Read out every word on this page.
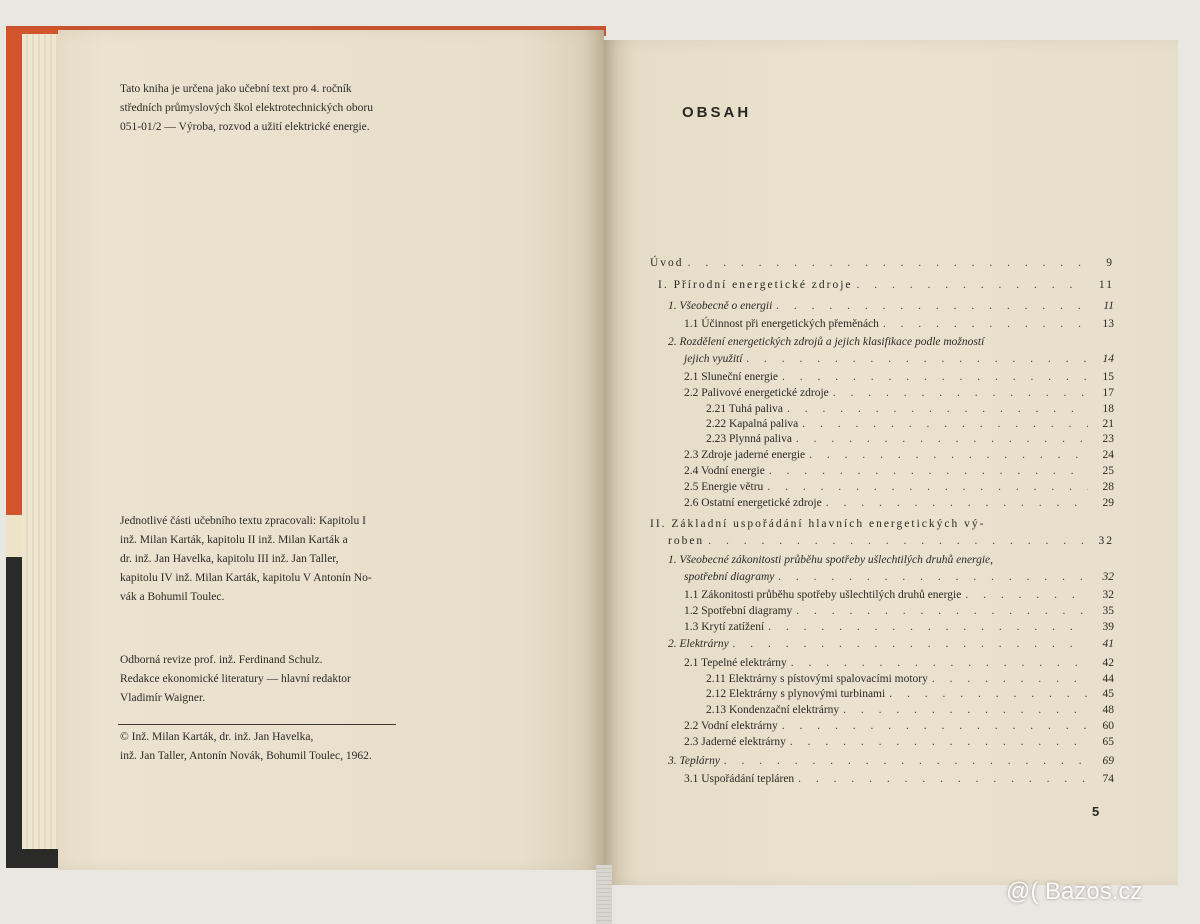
Tato kniha je určena jako učební text pro 4. ročník
středních průmyslových škol elektrotechnických oboru
051-01/2 — Výroba, rozvod a užití elektrické energie.
Jednotlivé části učebního textu zpracovali: Kapitolu I
inž. Milan Karták, kapitolu II inž. Milan Karták a
dr. inž. Jan Havelka, kapitolu III inž. Jan Taller,
kapitolu IV inž. Milan Karták, kapitolu V Antonín No-
vák a Bohumil Toulec.
Odborná revize prof. inž. Ferdinand Schulz.
Redakce ekonomické literatury — hlavní redaktor
Vladimír Waigner.
© Inž. Milan Karták, dr. inž. Jan Havelka,
inž. Jan Taller, Antonín Novák, Bohumil Toulec, 1962.
OBSAH
Úvod . . .	9
I. Přírodní energetické zdroje . . .	11
1. Všeobecně o energii . . .	11
1.1 Účinnost při energetických přeměnách . . .	13
2. Rozdělení energetických zdrojů a jejich klasifikace podle možností
jejich využití . . .	14
2.1 Sluneční energie . . .	15
2.2 Palivové energetické zdroje . . .	17
2.21 Tuhá paliva . . .	18
2.22 Kapalná paliva . . .	21
2.23 Plynná paliva . . .	23
2.3 Zdroje jaderné energie . . .	24
2.4 Vodní energie . . .	25
2.5 Energie větru . . .	28
2.6 Ostatní energetické zdroje . . .	29
II. Základní uspořádání hlavních energetických vý-
roben . . .	32
1. Všeobecné zákonitosti průběhu spotřeby ušlechtilých druhů energie,
spotřební diagramy . . .	32
1.1 Zákonitosti průběhu spotřeby ušlechtilých druhů energie . . .	32
1.2 Spotřební diagramy . . .	35
1.3 Krytí zatížení . . .	39
2. Elektrárny . . .	41
2.1 Tepelné elektrárny . . .	42
2.11 Elektrárny s pístovými spalovacími motory . . .	44
2.12 Elektrárny s plynovými turbinami . . .	45
2.13 Kondenzační elektrárny . . .	48
2.2 Vodní elektrárny . . .	60
2.3 Jaderné elektrárny . . .	65
3. Teplárny . . .	69
3.1 Uspořádání tepláren . . .	74
5
@( Bazos.cz
